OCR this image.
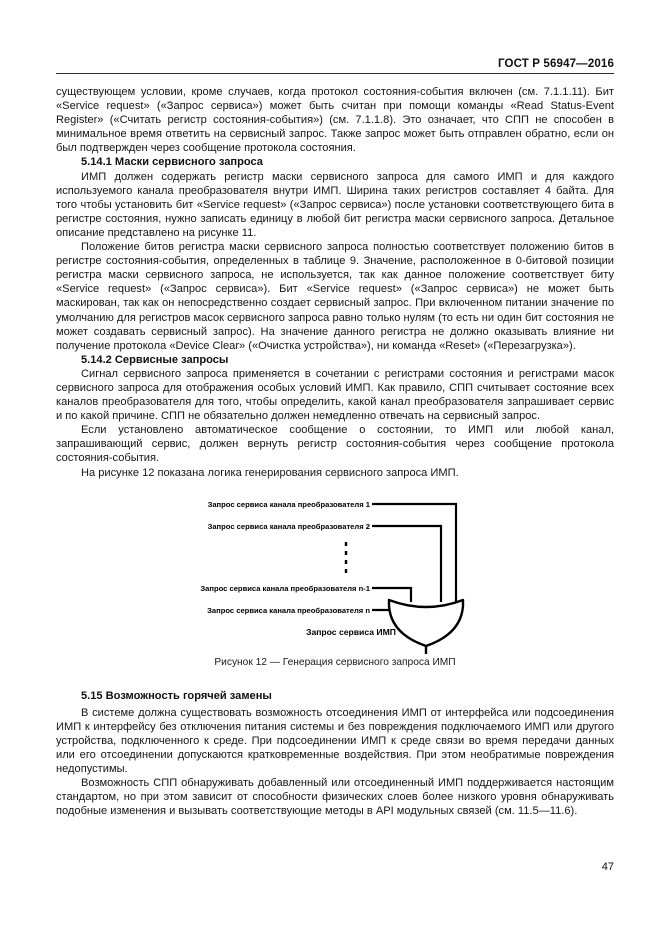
ГОСТ Р 56947—2016

существующем условии, кроме случаев, когда протокол состояния-события включен (см. 7.1.1.11). Бит «Service request» («Запрос сервиса») может быть считан при помощи команды «Read Status-Event Register» («Считать регистр состояния-события») (см. 7.1.1.8). Это означает, что СПП не способен в минимальное время ответить на сервисный запрос. Также запрос может быть отправлен обратно, если он был подтвержден через сообщение протокола состояния.

5.14.1 Маски сервисного запроса

ИМП должен содержать регистр маски сервисного запроса для самого ИМП и для каждого используемого канала преобразователя внутри ИМП. Ширина таких регистров составляет 4 байта. Для того чтобы установить бит «Service request» («Запрос сервиса») после установки соответствующего бита в регистре состояния, нужно записать единицу в любой бит регистра маски сервисного запроса. Детальное описание представлено на рисунке 11.

Положение битов регистра маски сервисного запроса полностью соответствует положению битов в регистре состояния-события, определенных в таблице 9. Значение, расположенное в 0-битовой позиции регистра маски сервисного запроса, не используется, так как данное положение соответствует биту «Service request» («Запрос сервиса»). Бит «Service request» («Запрос сервиса») не может быть маскирован, так как он непосредственно создает сервисный запрос. При включенном питании значение по умолчанию для регистров масок сервисного запроса равно только нулям (то есть ни один бит состояния не может создавать сервисный запрос). На значение данного регистра не должно оказывать влияние ни получение протокола «Device Clear» («Очистка устройства»), ни команда «Reset» («Перезагрузка»).

5.14.2 Сервисные запросы

Сигнал сервисного запроса применяется в сочетании с регистрами состояния и регистрами масок сервисного запроса для отображения особых условий ИМП. Как правило, СПП считывает состояние всех каналов преобразователя для того, чтобы определить, какой канал преобразователя запрашивает сервис и по какой причине. СПП не обязательно должен немедленно отвечать на сервисный запрос.

Если установлено автоматическое сообщение о состоянии, то ИМП или любой канал, запрашивающий сервис, должен вернуть регистр состояния-события через сообщение протокола состояния-события.

На рисунке 12 показана логика генерирования сервисного запроса ИМП.

Запрос сервиса канала преобразователя 1
Запрос сервиса канала преобразователя 2
Запрос сервиса канала преобразователя n-1
Запрос сервиса канала преобразователя n
Запрос сервиса ИМП
Рисунок 12 — Генерация сервисного запроса ИМП
5.15 Возможность горячей замены

В системе должна существовать возможность отсоединения ИМП от интерфейса или подсоединения ИМП к интерфейсу без отключения питания системы и без повреждения подключаемого ИМП или другого устройства, подключенного к среде. При подсоединении ИМП к среде связи во время передачи данных или его отсоединении допускаются кратковременные воздействия. При этом необратимые повреждения недопустимы.

Возможность СПП обнаруживать добавленный или отсоединенный ИМП поддерживается настоящим стандартом, но при этом зависит от способности физических слоев более низкого уровня обнаруживать подобные изменения и вызывать соответствующие методы в API модульных связей (см. 11.5—11.6).

47
